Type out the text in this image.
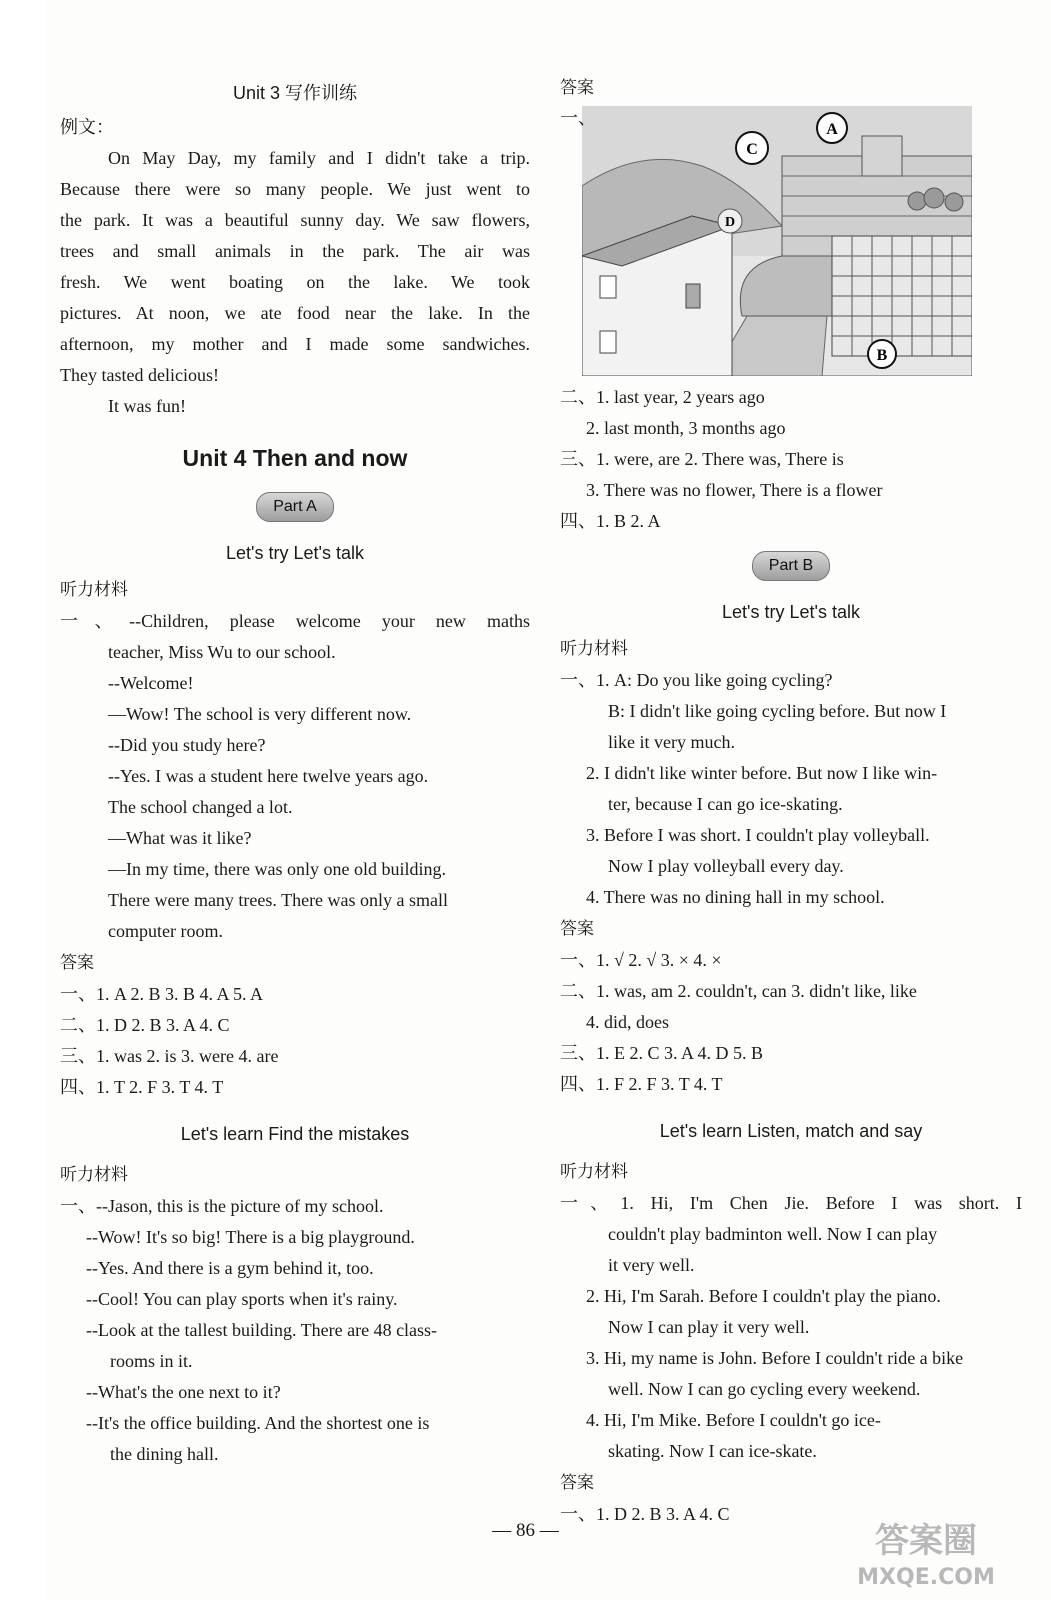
Unit 3 写作训练
例文：
On May Day, my family and I didn't take a trip.
Because there were so many people. We just went to
the park. It was a beautiful sunny day. We saw flowers,
trees and small animals in the park. The air was
fresh. We went boating on the lake. We took
pictures. At noon, we ate food near the lake. In the
afternoon, my mother and I made some sandwiches.
They tasted delicious!
It was fun!
Unit 4 Then and now
Part A
Let's try Let's talk
听力材料
一、--Children, please welcome your new maths
teacher, Miss Wu to our school.
--Welcome!
—Wow! The school is very different now.
--Did you study here?
--Yes. I was a student here twelve years ago.
The school changed a lot.
—What was it like?
—In my time, there was only one old building.
There were many trees. There was only a small
computer room.
答案
一、1. A 2. B 3. B 4. A 5. A
二、1. D 2. B 3. A 4. C
三、1. was 2. is 3. were 4. are
四、1. T 2. F 3. T 4. T
Let's learn Find the mistakes
听力材料
一、--Jason, this is the picture of my school.
--Wow! It's so big! There is a big playground.
--Yes. And there is a gym behind it, too.
--Cool! You can play sports when it's rainy.
--Look at the tallest building. There are 48 class-
rooms in it.
--What's the one next to it?
--It's the office building. And the shortest one is
the dining hall.
答案
一、
A
B
C
D
二、1. last year, 2 years ago
2. last month, 3 months ago
三、1. were, are 2. There was, There is
3. There was no flower, There is a flower
四、1. B 2. A
Part B
Let's try Let's talk
听力材料
一、1. A: Do you like going cycling?
B: I didn't like going cycling before. But now I
like it very much.
2. I didn't like winter before. But now I like win-
ter, because I can go ice-skating.
3. Before I was short. I couldn't play volleyball.
Now I play volleyball every day.
4. There was no dining hall in my school.
答案
一、1. √ 2. √ 3. × 4. ×
二、1. was, am 2. couldn't, can 3. didn't like, like
4. did, does
三、1. E 2. C 3. A 4. D 5. B
四、1. F 2. F 3. T 4. T
Let's learn Listen, match and say
听力材料
一、1. Hi, I'm Chen Jie. Before I was short. I
couldn't play badminton well. Now I can play
it very well.
2. Hi, I'm Sarah. Before I couldn't play the piano.
Now I can play it very well.
3. Hi, my name is John. Before I couldn't ride a bike
well. Now I can go cycling every weekend.
4. Hi, I'm Mike. Before I couldn't go ice-
skating. Now I can ice-skate.
答案
一、1. D 2. B 3. A 4. C
— 86 —	答案圈
MXQE.COM
